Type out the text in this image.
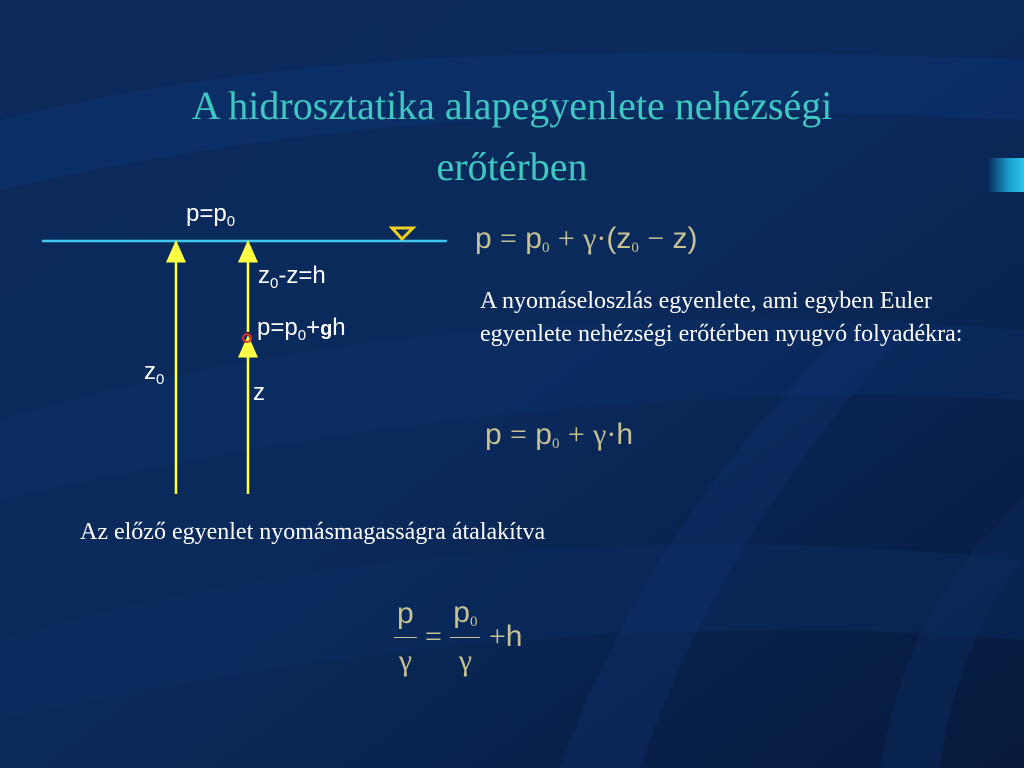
A hidrosztatika alapegyenlete nehézségi
erőtérben
$p=p_0$
$z_0-z=h$
$p=p_0+gh$
$z_0$	z
$p = p_0 + \gamma\cdot(z_0 - z)$
A nyomáseloszlás egyenlete, ami egyben Euler egyenlete nehézségi erőtérben nyugvó folyadékra:
$p = p_0 + \gamma\cdot h$
Az előző egyenlet nyomásmagasságra átalakítva
$\frac{p}{\gamma} = \frac{p_0}{\gamma} +h$
